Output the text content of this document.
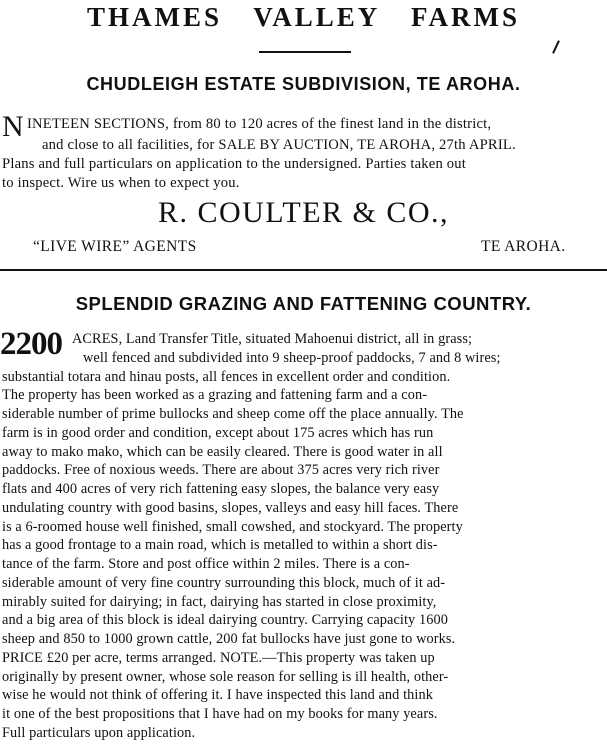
THAMES VALLEY FARMS
CHUDLEIGH ESTATE SUBDIVISION, TE AROHA.
N INETEEN SECTIONS, from 80 to 120 acres of the finest land in the district,
and close to all facilities, for SALE BY AUCTION, TE AROHA, 27th APRIL.
Plans and full particulars on application to the undersigned. Parties taken out
to inspect. Wire us when to expect you.
R. COULTER & CO.,
“LIVE WIRE” AGENTS	TE AROHA.
SPLENDID GRAZING AND FATTENING COUNTRY.
2200 ACRES, Land Transfer Title, situated Mahoenui district, all in grass;
well fenced and subdivided into 9 sheep-proof paddocks, 7 and 8 wires;
substantial totara and hinau posts, all fences in excellent order and condition.
The property has been worked as a grazing and fattening farm and a con-
siderable number of prime bullocks and sheep come off the place annually. The
farm is in good order and condition, except about 175 acres which has run
away to mako mako, which can be easily cleared. There is good water in all
paddocks. Free of noxious weeds. There are about 375 acres very rich river
flats and 400 acres of very rich fattening easy slopes, the balance very easy
undulating country with good basins, slopes, valleys and easy hill faces. There
is a 6-roomed house well finished, small cowshed, and stockyard. The property
has a good frontage to a main road, which is metalled to within a short dis-
tance of the farm. Store and post office within 2 miles. There is a con-
siderable amount of very fine country surrounding this block, much of it ad-
mirably suited for dairying; in fact, dairying has started in close proximity,
and a big area of this block is ideal dairying country. Carrying capacity 1600
sheep and 850 to 1000 grown cattle, 200 fat bullocks have just gone to works.
PRICE £20 per acre, terms arranged. NOTE.—This property was taken up
originally by present owner, whose sole reason for selling is ill health, other-
wise he would not think of offering it. I have inspected this land and think
it one of the best propositions that I have had on my books for many years.
Full particulars upon application.
